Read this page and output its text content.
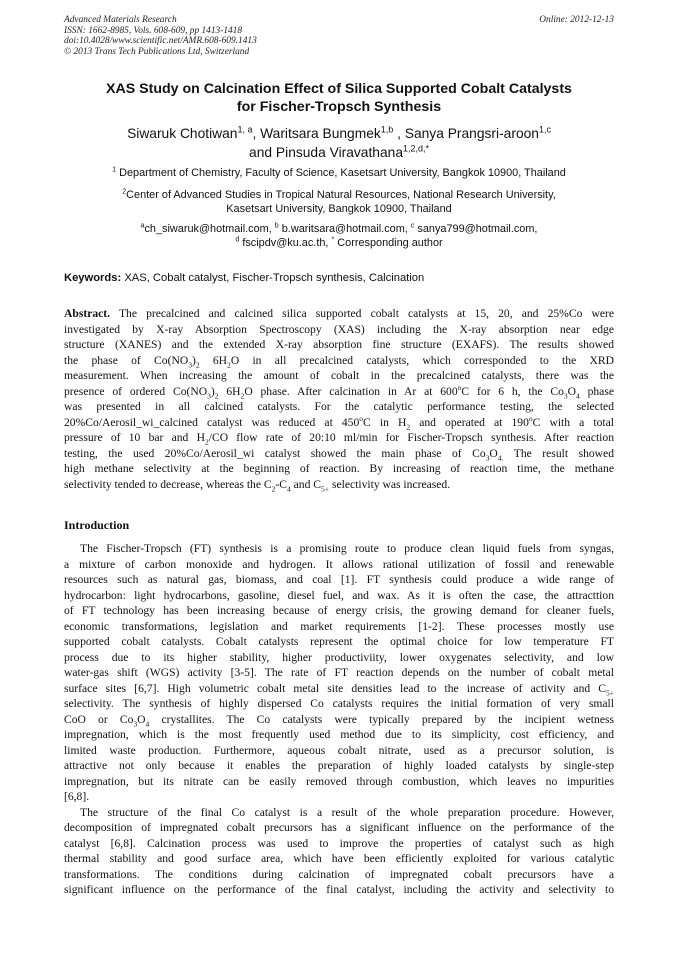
Advanced Materials Research
ISSN: 1662-8985, Vols. 608-609, pp 1413-1418
doi:10.4028/www.scientific.net/AMR.608-609.1413
© 2013 Trans Tech Publications Ltd, Switzerland
Online: 2012-12-13
XAS Study on Calcination Effect of Silica Supported Cobalt Catalysts
for Fischer-Tropsch Synthesis
Siwaruk Chotiwan$^{1, a}$, Waritsara Bungmek$^{1,b}$ , Sanya Prangsri-aroon$^{1,c}$
and Pinsuda Viravathana$^{1,2,d,*}$
$^1$ Department of Chemistry, Faculty of Science, Kasetsart University, Bangkok 10900, Thailand
$^2$Center of Advanced Studies in Tropical Natural Resources, National Research University,
Kasetsart University, Bangkok 10900, Thailand
$^a$ch_siwaruk@hotmail.com, $^b$ b.waritsara@hotmail.com, $^c$ sanya799@hotmail.com,
$^d$ fscipdv@ku.ac.th, * Corresponding author
Keywords: XAS, Cobalt catalyst, Fischer-Tropsch synthesis, Calcination
Abstract. The precalcined and calcined silica supported cobalt catalysts at 15, 20, and 25%Co were
investigated by X-ray Absorption Spectroscopy (XAS) including the X-ray absorption near edge
structure (XANES) and the extended X-ray absorption fine structure (EXAFS). The results showed
the phase of $Co(NO_3)_2$ $6H_2O$ in all precalcined catalysts, which corresponded to the XRD
measurement. When increasing the amount of cobalt in the precalcined catalysts, there was the
presence of ordered $Co(NO_3)_2$ $6H_2O$ phase. After calcination in Ar at 600$^o$C for 6 h, the $Co_3O_4$ phase
was presented in all calcined catalysts. For the catalytic performance testing, the selected
20%Co/Aerosil_wi_calcined catalyst was reduced at 450$^o$C in $H_2$ and operated at 190$^o$C with a total
pressure of 10 bar and $H_2/CO$ flow rate of 20:10 ml/min for Fischer-Tropsch synthesis. After reaction
testing, the used 20%Co/Aerosil_wi catalyst showed the main phase of $Co_3O_{4.}$ The result showed
high methane selectivity at the beginning of reaction. By increasing of reaction time, the methane
selectivity tended to decrease, whereas the $C_2-C_4$ and $C_{5+}$ selectivity was increased.
Introduction
The Fischer-Tropsch (FT) synthesis is a promising route to produce clean liquid fuels from syngas,
a mixture of carbon monoxide and hydrogen. It allows rational utilization of fossil and renewable
resources such as natural gas, biomass, and coal [1]. FT synthesis could produce a wide range of
hydrocarbon: light hydrocarbons, gasoline, diesel fuel, and wax. As it is often the case, the attracttion
of FT technology has been increasing because of energy crisis, the growing demand for cleaner fuels,
economic transformations, legislation and market requirements [1-2]. These processes mostly use
supported cobalt catalysts. Cobalt catalysts represent the optimal choice for low temperature FT
process due to its higher stability, higher productiviity, lower oxygenates selectivity, and low
water-gas shift (WGS) activity [3-5]. The rate of FT reaction depends on the number of cobalt metal
surface sites [6,7]. High volumetric cobalt metal site densities lead to the increase of activity and $C_{5+}$
selectivity. The synthesis of highly dispersed Co catalysts requires the initial formation of very small
CoO or $Co_3O_4$ crystallites. The Co catalysts were typically prepared by the incipient wetness
impregnation, which is the most frequently used method due to its simplicity, cost efficiency, and
limited waste production. Furthermore, aqueous cobalt nitrate, used as a precursor solution, is
attractive not only because it enables the preparation of highly loaded catalysts by single-step
impregnation, but its nitrate can be easily removed through combustion, which leaves no impurities
[6,8].
The structure of the final Co catalyst is a result of the whole preparation procedure. However,
decomposition of impregnated cobalt precursors has a significant influence on the performance of the
catalyst [6,8]. Calcination process was used to improve the properties of catalyst such as high
thermal stability and good surface area, which have been efficiently exploited for various catalytic
transformations. The conditions during calcination of impregnated cobalt precursors have a
significant influence on the performance of the final catalyst, including the activity and selectivity to
